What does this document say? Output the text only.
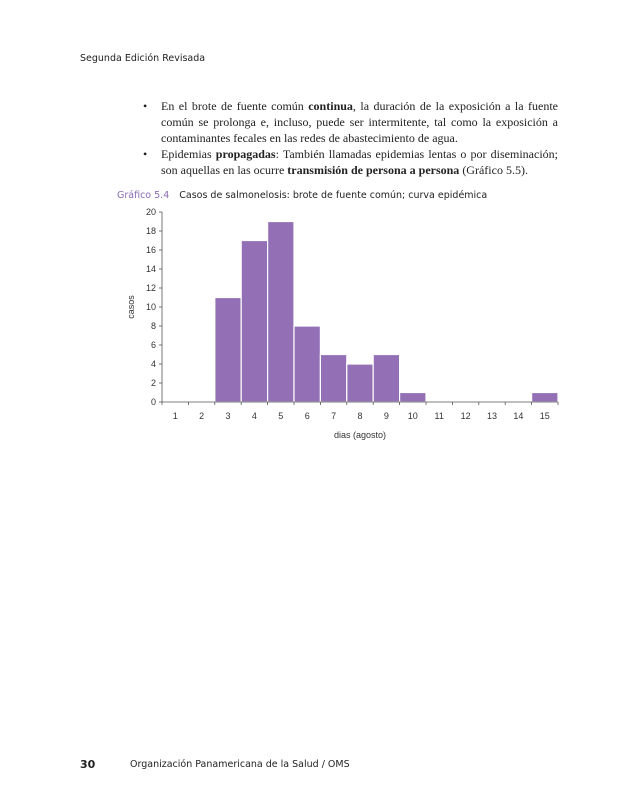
Segunda Edición Revisada
• En el brote de fuente común continua, la duración de la exposición a la fuente común se prolonga e, incluso, puede ser intermitente, tal como la exposición a contaminantes fecales en las redes de abastecimiento de agua.
• Epidemias propagadas: También llamadas epidemias lentas o por diseminación; son aquellas en las ocurre transmisión de persona a persona (Gráfico 5.5).
Gráfico 5.4 Casos de salmonelosis: brote de fuente común; curva epidémica
0
2
4
6
8
10
12
14
16
18
20
1 2 3 4 5 6 7 8 9 10 11 12 13 14 15
dias (agosto)
casos
30	Organización Panamericana de la Salud / OMS
